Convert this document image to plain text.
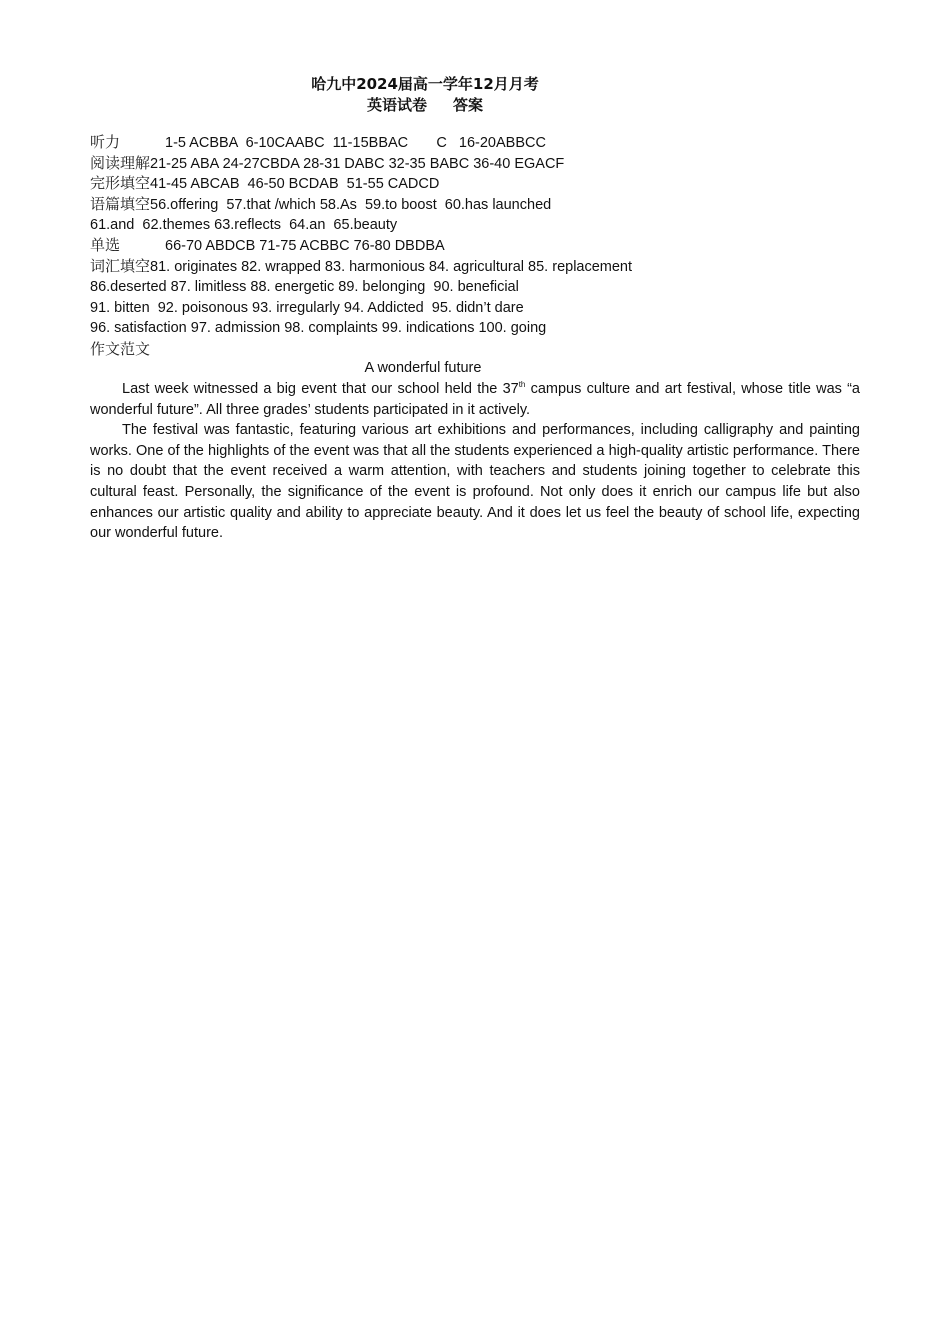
哈九中2024届高一学年12月月考
英语试卷 答案
听力	1-5 ACBBA  6-10CAABC  11-15BBAC       C   16-20ABBCC
阅读理解21-25 ABA 24-27CBDA 28-31 DABC 32-35 BABC 36-40 EGACF
完形填空41-45 ABCAB  46-50 BCDAB  51-55 CADCD
语篇填空56.offering  57.that /which 58.As  59.to boost  60.has launched
61.and  62.themes 63.reflects  64.an  65.beauty
单选	66-70 ABDCB 71-75 ACBBC 76-80 DBDBA
词汇填空81. originates 82. wrapped 83. harmonious 84. agricultural 85. replacement
86.deserted 87. limitless 88. energetic 89. belonging  90. beneficial
91. bitten  92. poisonous 93. irregularly 94. Addicted  95. didn’t dare
96. satisfaction 97. admission 98. complaints 99. indications 100. going
作文范文
A wonderful future

Last week witnessed a big event that our school held the 37th campus culture and art festival, whose title was “a wonderful future”. All three grades’ students participated in it actively.

The festival was fantastic, featuring various art exhibitions and performances, including calligraphy and painting works. One of the highlights of the event was that all the students experienced a high-quality artistic performance. There is no doubt that the event received a warm attention, with teachers and students joining together to celebrate this cultural feast. Personally, the significance of the event is profound. Not only does it enrich our campus life but also enhances our artistic quality and ability to appreciate beauty. And it does let us feel the beauty of school life, expecting our wonderful future.
